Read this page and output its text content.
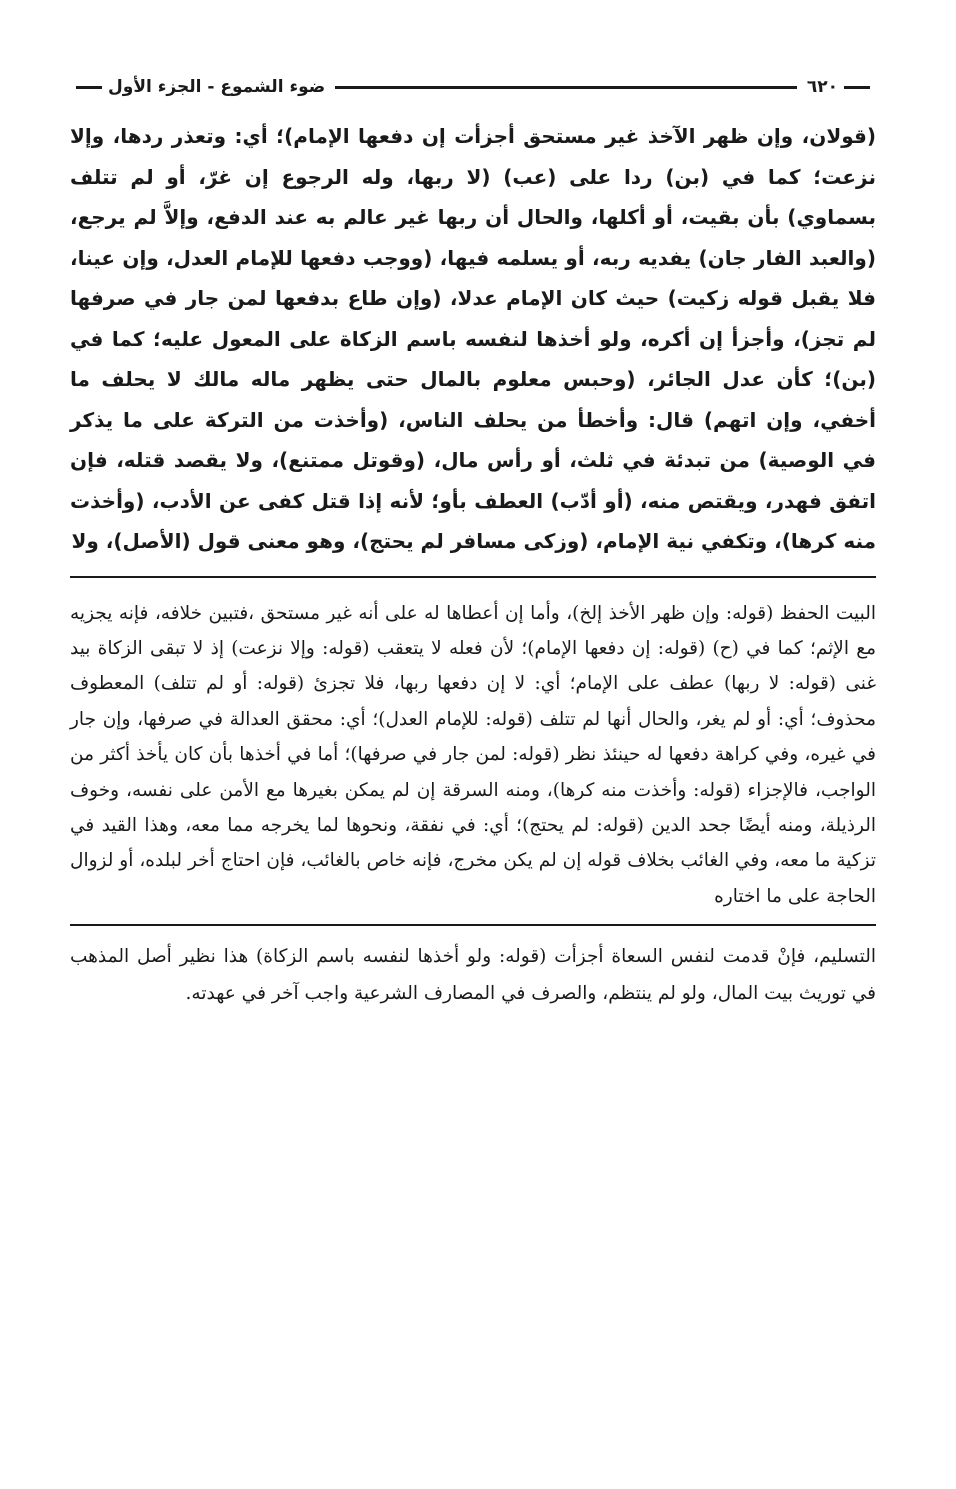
٦٢٠
ضوء الشموع - الجزء الأول

(قولان، وإن ظهر الآخذ غير مستحق أجزأت إن دفعها الإمام)؛ أي: وتعذر ردها، وإلا نزعت؛ كما في (بن) ردا على (عب) (لا ربها، وله الرجوع إن غرّ، أو لم تتلف بسماوي) بأن بقيت، أو أكلها، والحال أن ربها غير عالم به عند الدفع، وإلاَّ لم يرجع، (والعبد الفار جان) يفديه ربه، أو يسلمه فيها، (ووجب دفعها للإمام العدل، وإن عينا، فلا يقبل قوله زكيت) حيث كان الإمام عدلا، (وإن طاع بدفعها لمن جار في صرفها لم تجز)، وأجزأ إن أكره، ولو أخذها لنفسه باسم الزكاة على المعول عليه؛ كما في (بن)؛ كأن عدل الجائر، (وحبس معلوم بالمال حتى يظهر ماله مالك لا يحلف ما أخفي، وإن اتهم) قال: وأخطأ من يحلف الناس، (وأخذت من التركة على ما يذكر في الوصية) من تبدئة في ثلث، أو رأس مال، (وقوتل ممتنع)، ولا يقصد قتله، فإن اتفق فهدر، ويقتص منه، (أو أدّب) العطف بأو؛ لأنه إذا قتل كفى عن الأدب، (وأخذت منه كرها)، وتكفي نية الإمام، (وزكى مسافر لم يحتج)، وهو معنى قول (الأصل)، ولا

البيت الحفظ (قوله: وإن ظهر الأخذ إلخ)، وأما إن أعطاها له على أنه غير مستحق ،فتبين خلافه، فإنه يجزيه مع الإثم؛ كما في (ح) (قوله: إن دفعها الإمام)؛ لأن فعله لا يتعقب (قوله: وإلا نزعت) إذ لا تبقى الزكاة بيد غنى (قوله: لا ربها) عطف على الإمام؛ أي: لا إن دفعها ربها، فلا تجزئ (قوله: أو لم تتلف) المعطوف محذوف؛ أي: أو لم يغر، والحال أنها لم تتلف (قوله: للإمام العدل)؛ أي: محقق العدالة في صرفها، وإن جار في غيره، وفي كراهة دفعها له حينئذ نظر (قوله: لمن جار في صرفها)؛ أما في أخذها بأن كان يأخذ أكثر من الواجب، فالإجزاء (قوله: وأخذت منه كرها)، ومنه السرقة إن لم يمكن بغيرها مع الأمن على نفسه، وخوف الرذيلة، ومنه أيضًا جحد الدين (قوله: لم يحتج)؛ أي: في نفقة، ونحوها لما يخرجه مما معه، وهذا القيد في تزكية ما معه، وفي الغائب بخلاف قوله إن لم يكن مخرج، فإنه خاص بالغائب، فإن احتاج أخر لبلده، أو لزوال الحاجة على ما اختاره

التسليم، فإنْ قدمت لنفس السعاة أجزأت (قوله: ولو أخذها لنفسه باسم الزكاة) هذا نظير أصل المذهب في توريث بيت المال، ولو لم ينتظم، والصرف في المصارف الشرعية واجب آخر في عهدته.
